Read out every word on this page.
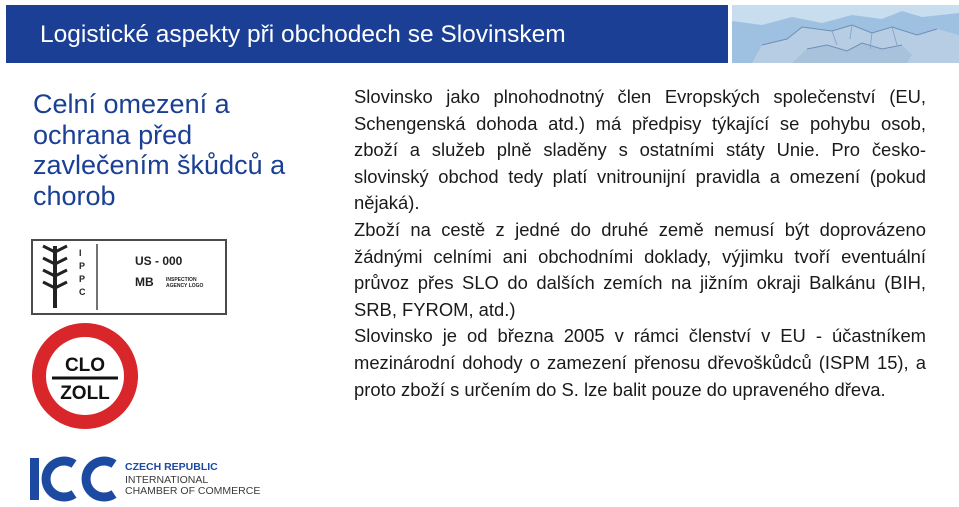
Logistické aspekty při obchodech se Slovinskem
Celní omezení a ochrana před zavlečením škůdců a chorob

Slovinsko jako plnohodnotný člen Evropských společenství (EU, Schengenská dohoda atd.) má předpisy týkající se pohybu osob, zboží a služeb plně sladěny s ostatními státy Unie. Pro česko-slovinský obchod tedy platí vnitrounijní pravidla a omezení (pokud nějaká).

Zboží na cestě z jedné do druhé země nemusí být doprovázeno žádnými celními ani obchodními doklady, výjimku tvoří eventuální průvoz přes SLO do dalších zemích na jižním okraji Balkánu (BIH, SRB, FYROM, atd.)

Slovinsko je od března 2005 v rámci členství v EU - účastníkem mezinárodní dohody o zamezení přenosu dřevoškůdců (ISPM 15), a proto zboží s určením do S. lze balit pouze do upraveného dřeva.

I
P
P
C
US - 000
MB INSPECTION AGENCY LOGO
CLO
ZOLL
ICC
CZECH REPUBLIC
INTERNATIONAL
CHAMBER OF COMMERCE
